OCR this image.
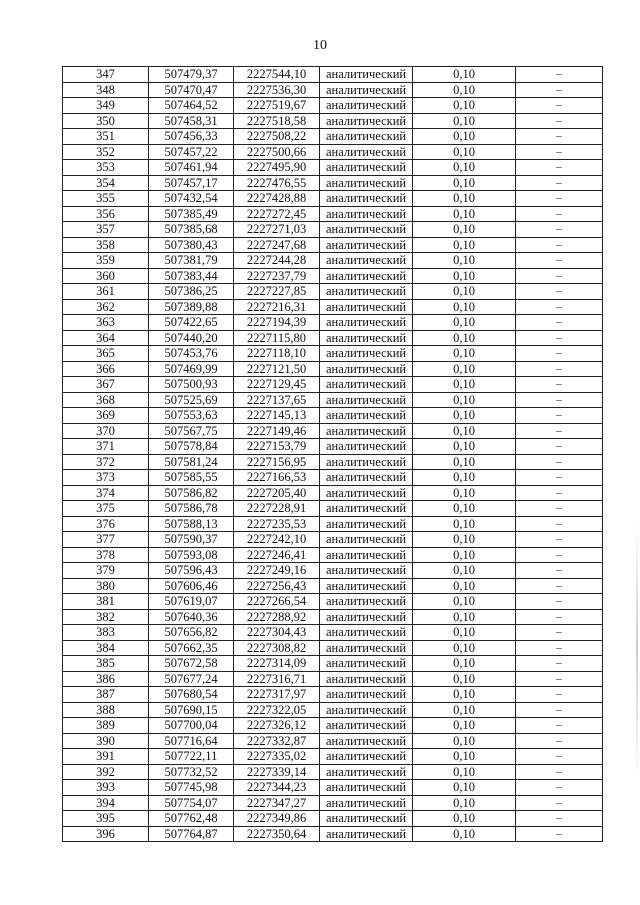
10
347	507479,37	2227544,10	аналитический	0,10	–
348	507470,47	2227536,30	аналитический	0,10	–
349	507464,52	2227519,67	аналитический	0,10	–
350	507458,31	2227518,58	аналитический	0,10	–
351	507456,33	2227508,22	аналитический	0,10	–
352	507457,22	2227500,66	аналитический	0,10	–
353	507461,94	2227495,90	аналитический	0,10	–
354	507457,17	2227476,55	аналитический	0,10	–
355	507432,54	2227428,88	аналитический	0,10	–
356	507385,49	2227272,45	аналитический	0,10	–
357	507385,68	2227271,03	аналитический	0,10	–
358	507380,43	2227247,68	аналитический	0,10	–
359	507381,79	2227244,28	аналитический	0,10	–
360	507383,44	2227237,79	аналитический	0,10	–
361	507386,25	2227227,85	аналитический	0,10	–
362	507389,88	2227216,31	аналитический	0,10	–
363	507422,65	2227194,39	аналитический	0,10	–
364	507440,20	2227115,80	аналитический	0,10	–
365	507453,76	2227118,10	аналитический	0,10	–
366	507469,99	2227121,50	аналитический	0,10	–
367	507500,93	2227129,45	аналитический	0,10	–
368	507525,69	2227137,65	аналитический	0,10	–
369	507553,63	2227145,13	аналитический	0,10	–
370	507567,75	2227149,46	аналитический	0,10	–
371	507578,84	2227153,79	аналитический	0,10	–
372	507581,24	2227156,95	аналитический	0,10	–
373	507585,55	2227166,53	аналитический	0,10	–
374	507586,82	2227205,40	аналитический	0,10	–
375	507586,78	2227228,91	аналитический	0,10	–
376	507588,13	2227235,53	аналитический	0,10	–
377	507590,37	2227242,10	аналитический	0,10	–
378	507593,08	2227246,41	аналитический	0,10	–
379	507596,43	2227249,16	аналитический	0,10	–
380	507606,46	2227256,43	аналитический	0,10	–
381	507619,07	2227266,54	аналитический	0,10	–
382	507640,36	2227288,92	аналитический	0,10	–
383	507656,82	2227304,43	аналитический	0,10	–
384	507662,35	2227308,82	аналитический	0,10	–
385	507672,58	2227314,09	аналитический	0,10	–
386	507677,24	2227316,71	аналитический	0,10	–
387	507680,54	2227317,97	аналитический	0,10	–
388	507690,15	2227322,05	аналитический	0,10	–
389	507700,04	2227326,12	аналитический	0,10	–
390	507716,64	2227332,87	аналитический	0,10	–
391	507722,11	2227335,02	аналитический	0,10	–
392	507732,52	2227339,14	аналитический	0,10	–
393	507745,98	2227344,23	аналитический	0,10	–
394	507754,07	2227347,27	аналитический	0,10	–
395	507762,48	2227349,86	аналитический	0,10	–
396	507764,87	2227350,64	аналитический	0,10	–
